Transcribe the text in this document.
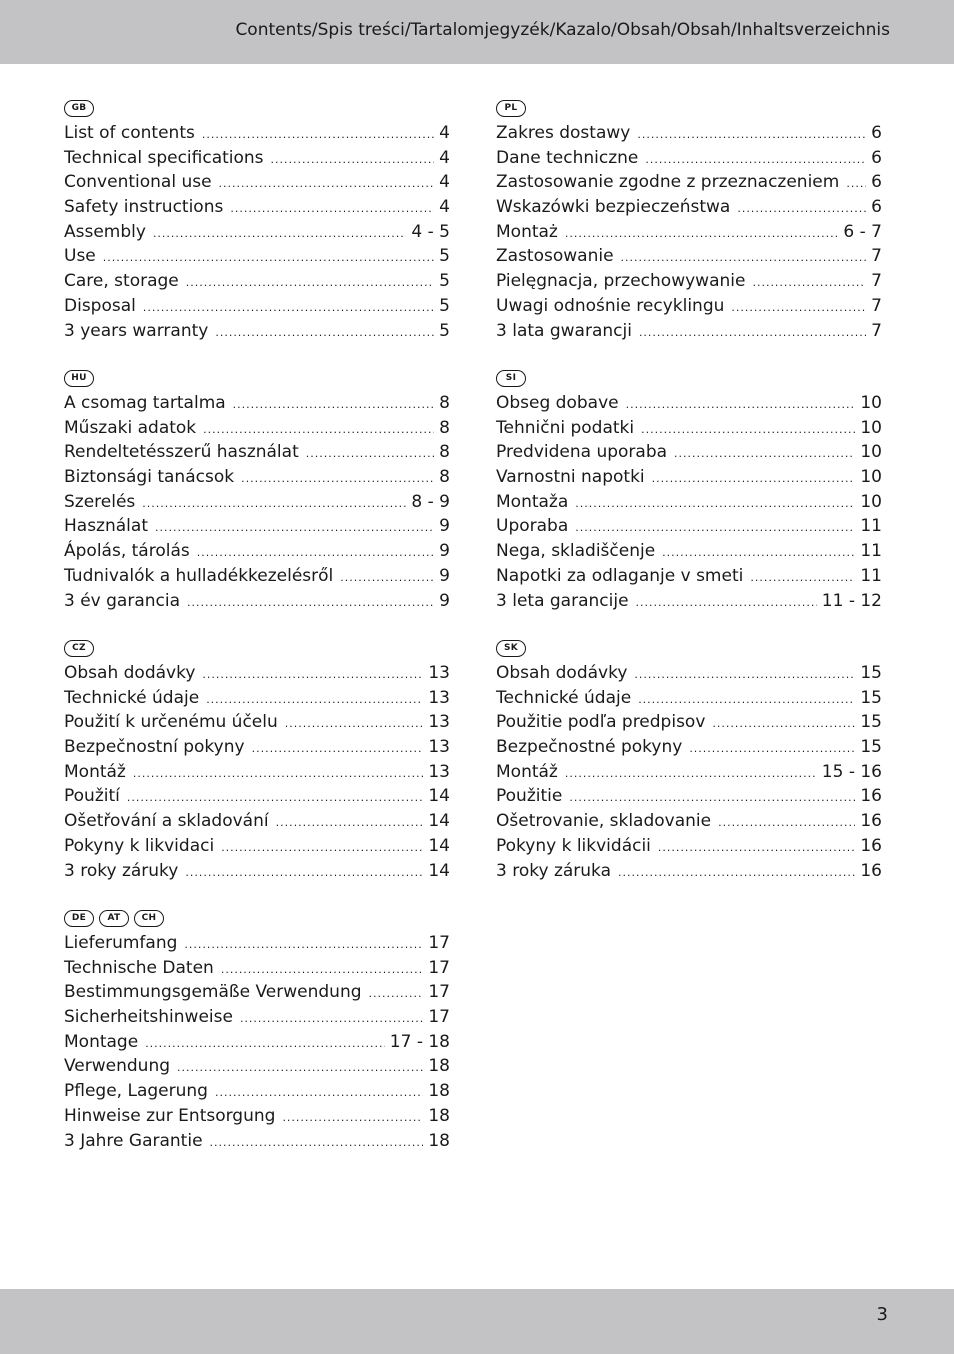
Contents/Spis treści/Tartalomjegyzék/Kazalo/Obsah/Obsah/Inhaltsverzeichnis
GB
List of contents .....	4
Technical specifications .....	4
Conventional use .....	4
Safety instructions .....	4
Assembly .....	4 - 5
Use .....	5
Care, storage .....	5
Disposal .....	5
3 years warranty .....	5
HU
A csomag tartalma .....	8
Műszaki adatok .....	8
Rendeltetésszerű használat .....	8
Biztonsági tanácsok .....	8
Szerelés .....	8 - 9
Használat .....	9
Ápolás, tárolás .....	9
Tudnivalók a hulladékkezelésről .....	9
3 év garancia .....	9
CZ
Obsah dodávky .....	13
Technické údaje .....	13
Použití k určenému účelu .....	13
Bezpečnostní pokyny .....	13
Montáž .....	13
Použití .....	14
Ošetřování a skladování .....	14
Pokyny k likvidaci .....	14
3 roky záruky .....	14
DE	AT	CH
Lieferumfang .....	17
Technische Daten .....	17
Bestimmungsgemäße Verwendung .....	17
Sicherheitshinweise .....	17
Montage .....	17 - 18
Verwendung .....	18
Pflege, Lagerung .....	18
Hinweise zur Entsorgung .....	18
3 Jahre Garantie .....	18
PL
Zakres dostawy .....	6
Dane techniczne .....	6
Zastosowanie zgodne z przeznaczeniem ..... 6
Wskazówki bezpieczeństwa .....	6
Montaż .....	6 - 7
Zastosowanie .....	7
Pielęgnacja, przechowywanie .....	7
Uwagi odnośnie recyklingu .....	7
3 lata gwarancji .....	7
SI
Obseg dobave .....	10
Tehnični podatki .....	10
Predvidena uporaba .....	10
Varnostni napotki .....	10
Montaža .....	10
Uporaba .....	11
Nega, skladiščenje .....	11
Napotki za odlaganje v smeti .....	11
3 leta garancije .....	11 - 12
SK
Obsah dodávky .....	15
Technické údaje .....	15
Použitie podľa predpisov .....	15
Bezpečnostné pokyny .....	15
Montáž .....	15 - 16
Použitie .....	16
Ošetrovanie, skladovanie .....	16
Pokyny k likvidácii .....	16
3 roky záruka .....	16
3
